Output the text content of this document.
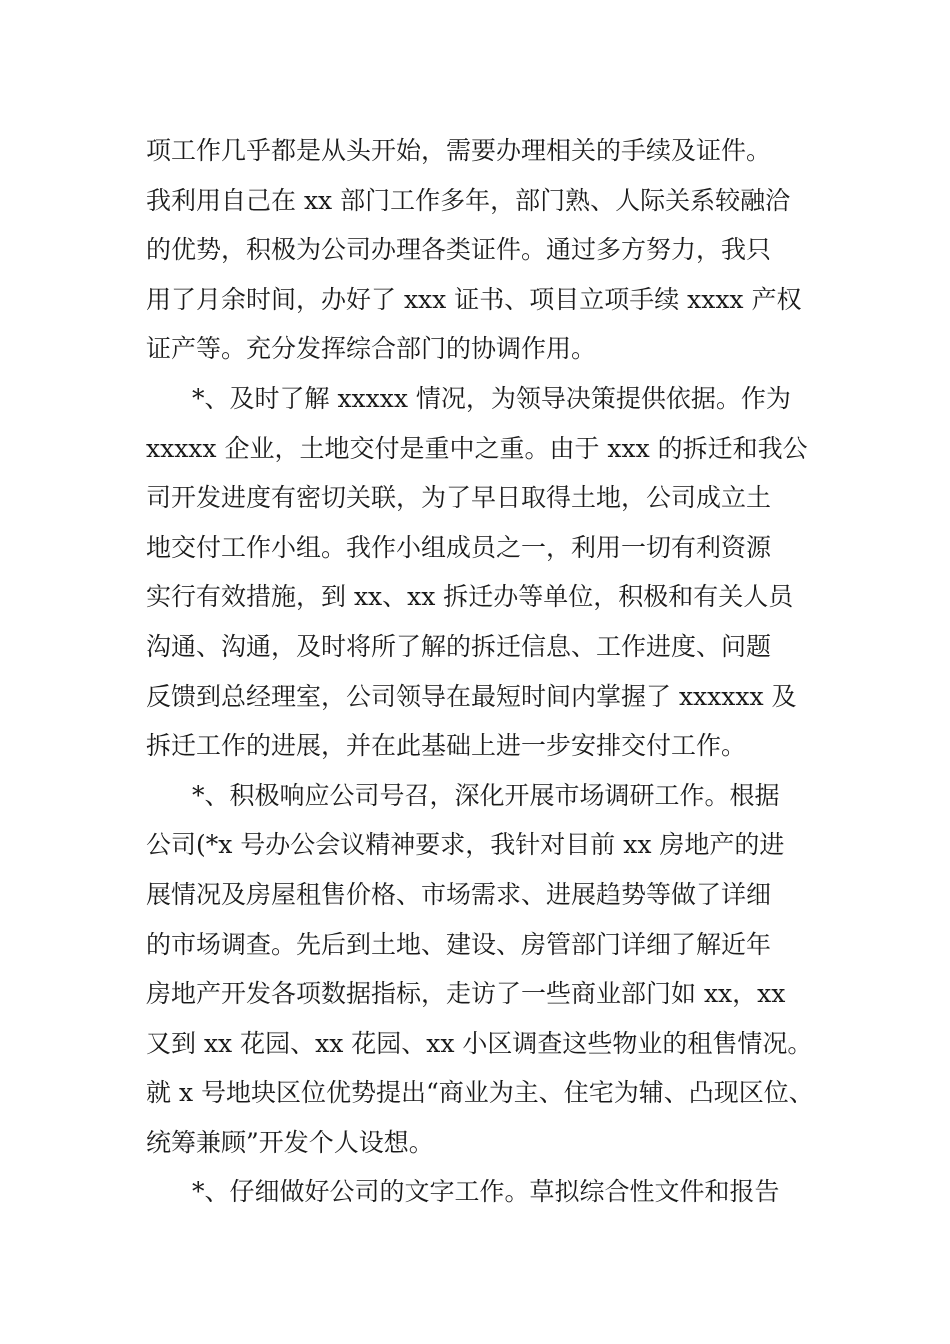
项工作几乎都是从头开始，需要办理相关的手续及证件。
我利用自己在 xx 部门工作多年，部门熟、人际关系较融洽
的优势，积极为公司办理各类证件。通过多方努力，我只
用了月余时间，办好了 xxx 证书、项目立项手续 xxxx 产权
证产等。充分发挥综合部门的协调作用。
*、及时了解 xxxxx 情况，为领导决策提供依据。作为
xxxxx 企业，土地交付是重中之重。由于 xxx 的拆迁和我公
司开发进度有密切关联，为了早日取得土地，公司成立土
地交付工作小组。我作小组成员之一，利用一切有利资源
实行有效措施，到 xx、xx 拆迁办等单位，积极和有关人员
沟通、沟通，及时将所了解的拆迁信息、工作进度、问题
反馈到总经理室，公司领导在最短时间内掌握了 xxxxxx 及
拆迁工作的进展，并在此基础上进一步安排交付工作。
*、积极响应公司号召，深化开展市场调研工作。根据
公司(*x 号办公会议精神要求，我针对目前 xx 房地产的进
展情况及房屋租售价格、市场需求、进展趋势等做了详细
的市场调查。先后到土地、建设、房管部门详细了解近年
房地产开发各项数据指标，走访了一些商业部门如 xx，xx
又到 xx 花园、xx 花园、xx 小区调查这些物业的租售情况。
就 x 号地块区位优势提出“商业为主、住宅为辅、凸现区位、
统筹兼顾”开发个人设想。
*、仔细做好公司的文字工作。草拟综合性文件和报告
